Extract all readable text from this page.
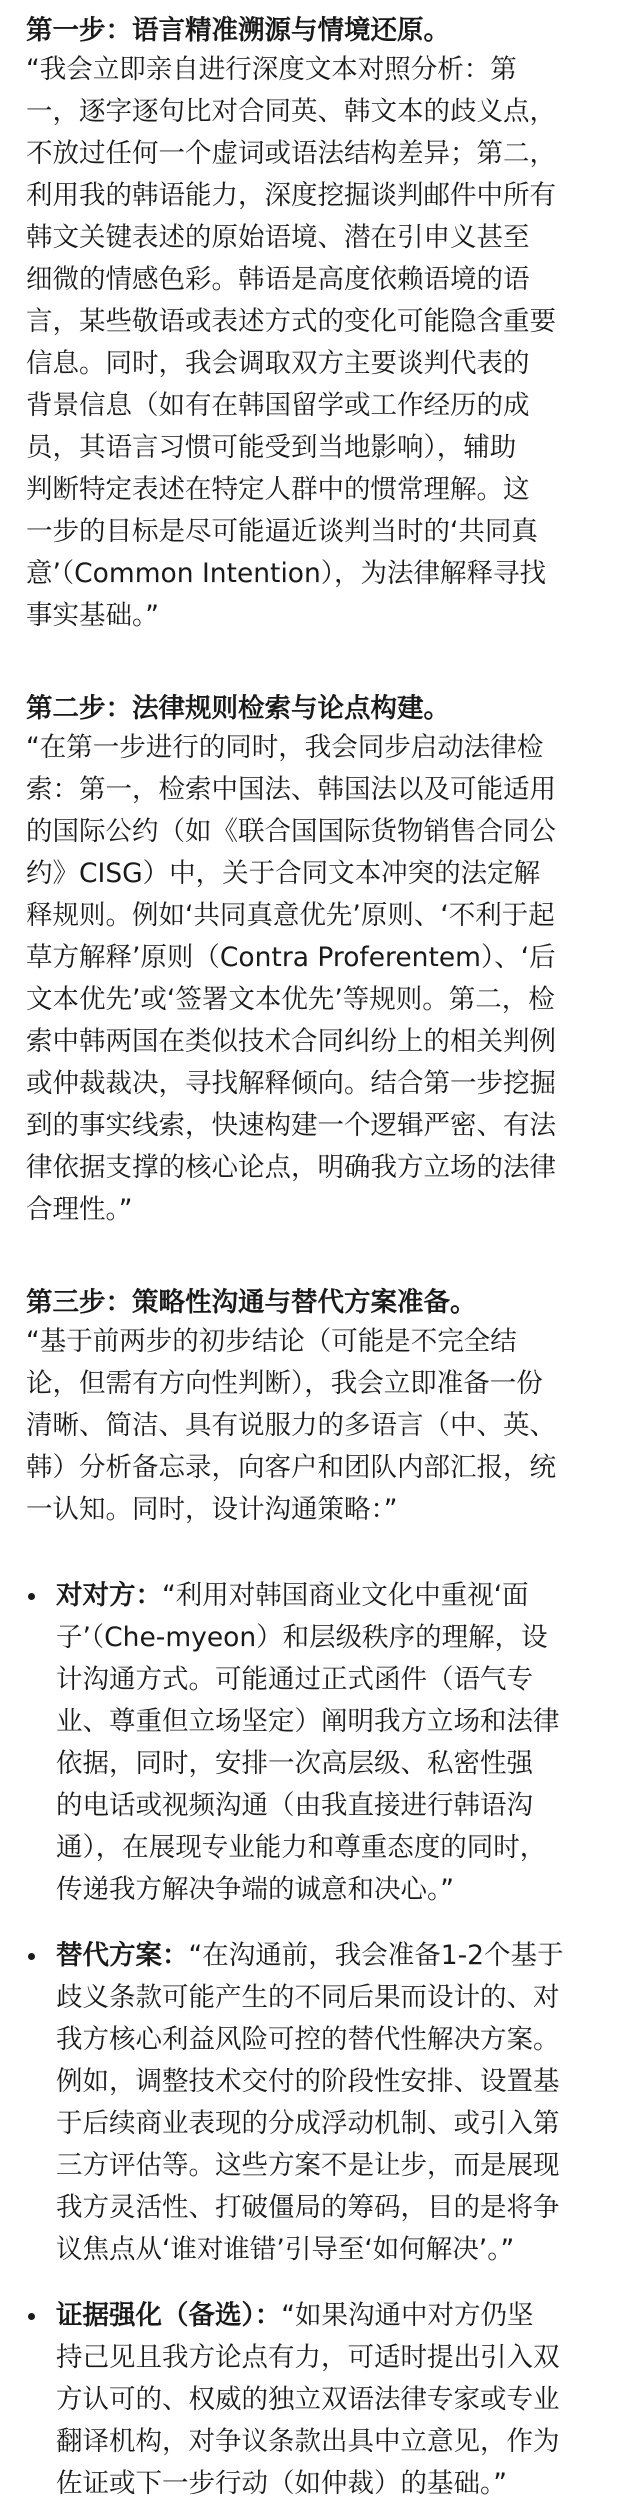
第一步：语言精准溯源与情境还原。
“我会立即亲自进行深度文本对照分析：第
一，逐字逐句比对合同英、韩文本的歧义点，
不放过任何一个虚词或语法结构差异；第二，
利用我的韩语能力，深度挖掘谈判邮件中所有
韩文关键表述的原始语境、潜在引申义甚至
细微的情感色彩。韩语是高度依赖语境的语
言，某些敬语或表述方式的变化可能隐含重要
信息。同时，我会调取双方主要谈判代表的
背景信息（如有在韩国留学或工作经历的成
员，其语言习惯可能受到当地影响），辅助
判断特定表述在特定人群中的惯常理解。这
一步的目标是尽可能逼近谈判当时的‘共同真
意’（Common Intention），为法律解释寻找
事实基础。”
第二步：法律规则检索与论点构建。
“在第一步进行的同时，我会同步启动法律检
索：第一，检索中国法、韩国法以及可能适用
的国际公约（如《联合国国际货物销售合同公
约》CISG）中，关于合同文本冲突的法定解
释规则。例如‘共同真意优先’原则、‘不利于起
草方解释’原则（Contra Proferentem）、‘后
文本优先’或‘签署文本优先’等规则。第二，检
索中韩两国在类似技术合同纠纷上的相关判例
或仲裁裁决，寻找解释倾向。结合第一步挖掘
到的事实线索，快速构建一个逻辑严密、有法
律依据支撑的核心论点，明确我方立场的法律
合理性。”
第三步：策略性沟通与替代方案准备。
“基于前两步的初步结论（可能是不完全结
论，但需有方向性判断），我会立即准备一份
清晰、简洁、具有说服力的多语言（中、英、
韩）分析备忘录，向客户和团队内部汇报，统
一认知。同时，设计沟通策略：”
对对方：“利用对韩国商业文化中重视‘面
子’（Che-myeon）和层级秩序的理解，设
计沟通方式。可能通过正式函件（语气专
业、尊重但立场坚定）阐明我方立场和法律
依据，同时，安排一次高层级、私密性强
的电话或视频沟通（由我直接进行韩语沟
通），在展现专业能力和尊重态度的同时，
传递我方解决争端的诚意和决心。”
替代方案：“在沟通前，我会准备1-2个基于
歧义条款可能产生的不同后果而设计的、对
我方核心利益风险可控的替代性解决方案。
例如，调整技术交付的阶段性安排、设置基
于后续商业表现的分成浮动机制、或引入第
三方评估等。这些方案不是让步，而是展现
我方灵活性、打破僵局的筹码，目的是将争
议焦点从‘谁对谁错’引导至‘如何解决’。”
证据强化（备选）：“如果沟通中对方仍坚
持己见且我方论点有力，可适时提出引入双
方认可的、权威的独立双语法律专家或专业
翻译机构，对争议条款出具中立意见，作为
佐证或下一步行动（如仲裁）的基础。”
